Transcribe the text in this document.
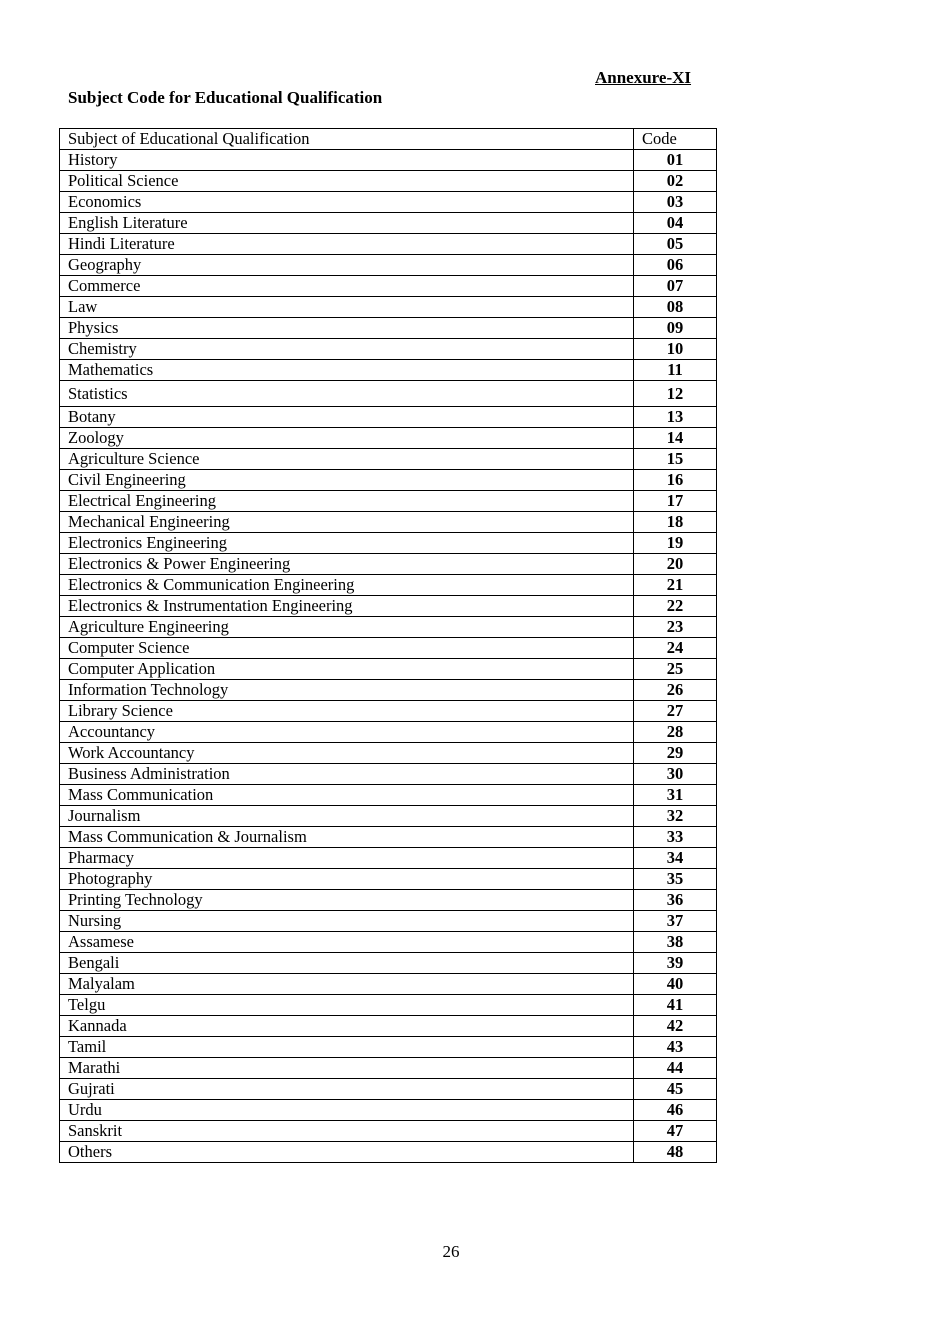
Annexure-XI
Subject Code for Educational Qualification
Subject of Educational Qualification	Code
History	01
Political Science	02
Economics	03
English Literature	04
Hindi Literature	05
Geography	06
Commerce	07
Law	08
Physics	09
Chemistry	10
Mathematics	11
Statistics	12
Botany	13
Zoology	14
Agriculture Science	15
Civil Engineering	16
Electrical Engineering	17
Mechanical Engineering	18
Electronics Engineering	19
Electronics & Power Engineering	20
Electronics & Communication Engineering	21
Electronics & Instrumentation Engineering	22
Agriculture Engineering	23
Computer Science	24
Computer Application	25
Information Technology	26
Library Science	27
Accountancy	28
Work Accountancy	29
Business Administration	30
Mass Communication	31
Journalism	32
Mass Communication & Journalism	33
Pharmacy	34
Photography	35
Printing Technology	36
Nursing	37
Assamese	38
Bengali	39
Malyalam	40
Telgu	41
Kannada	42
Tamil	43
Marathi	44
Gujrati	45
Urdu	46
Sanskrit	47
Others	48
26
